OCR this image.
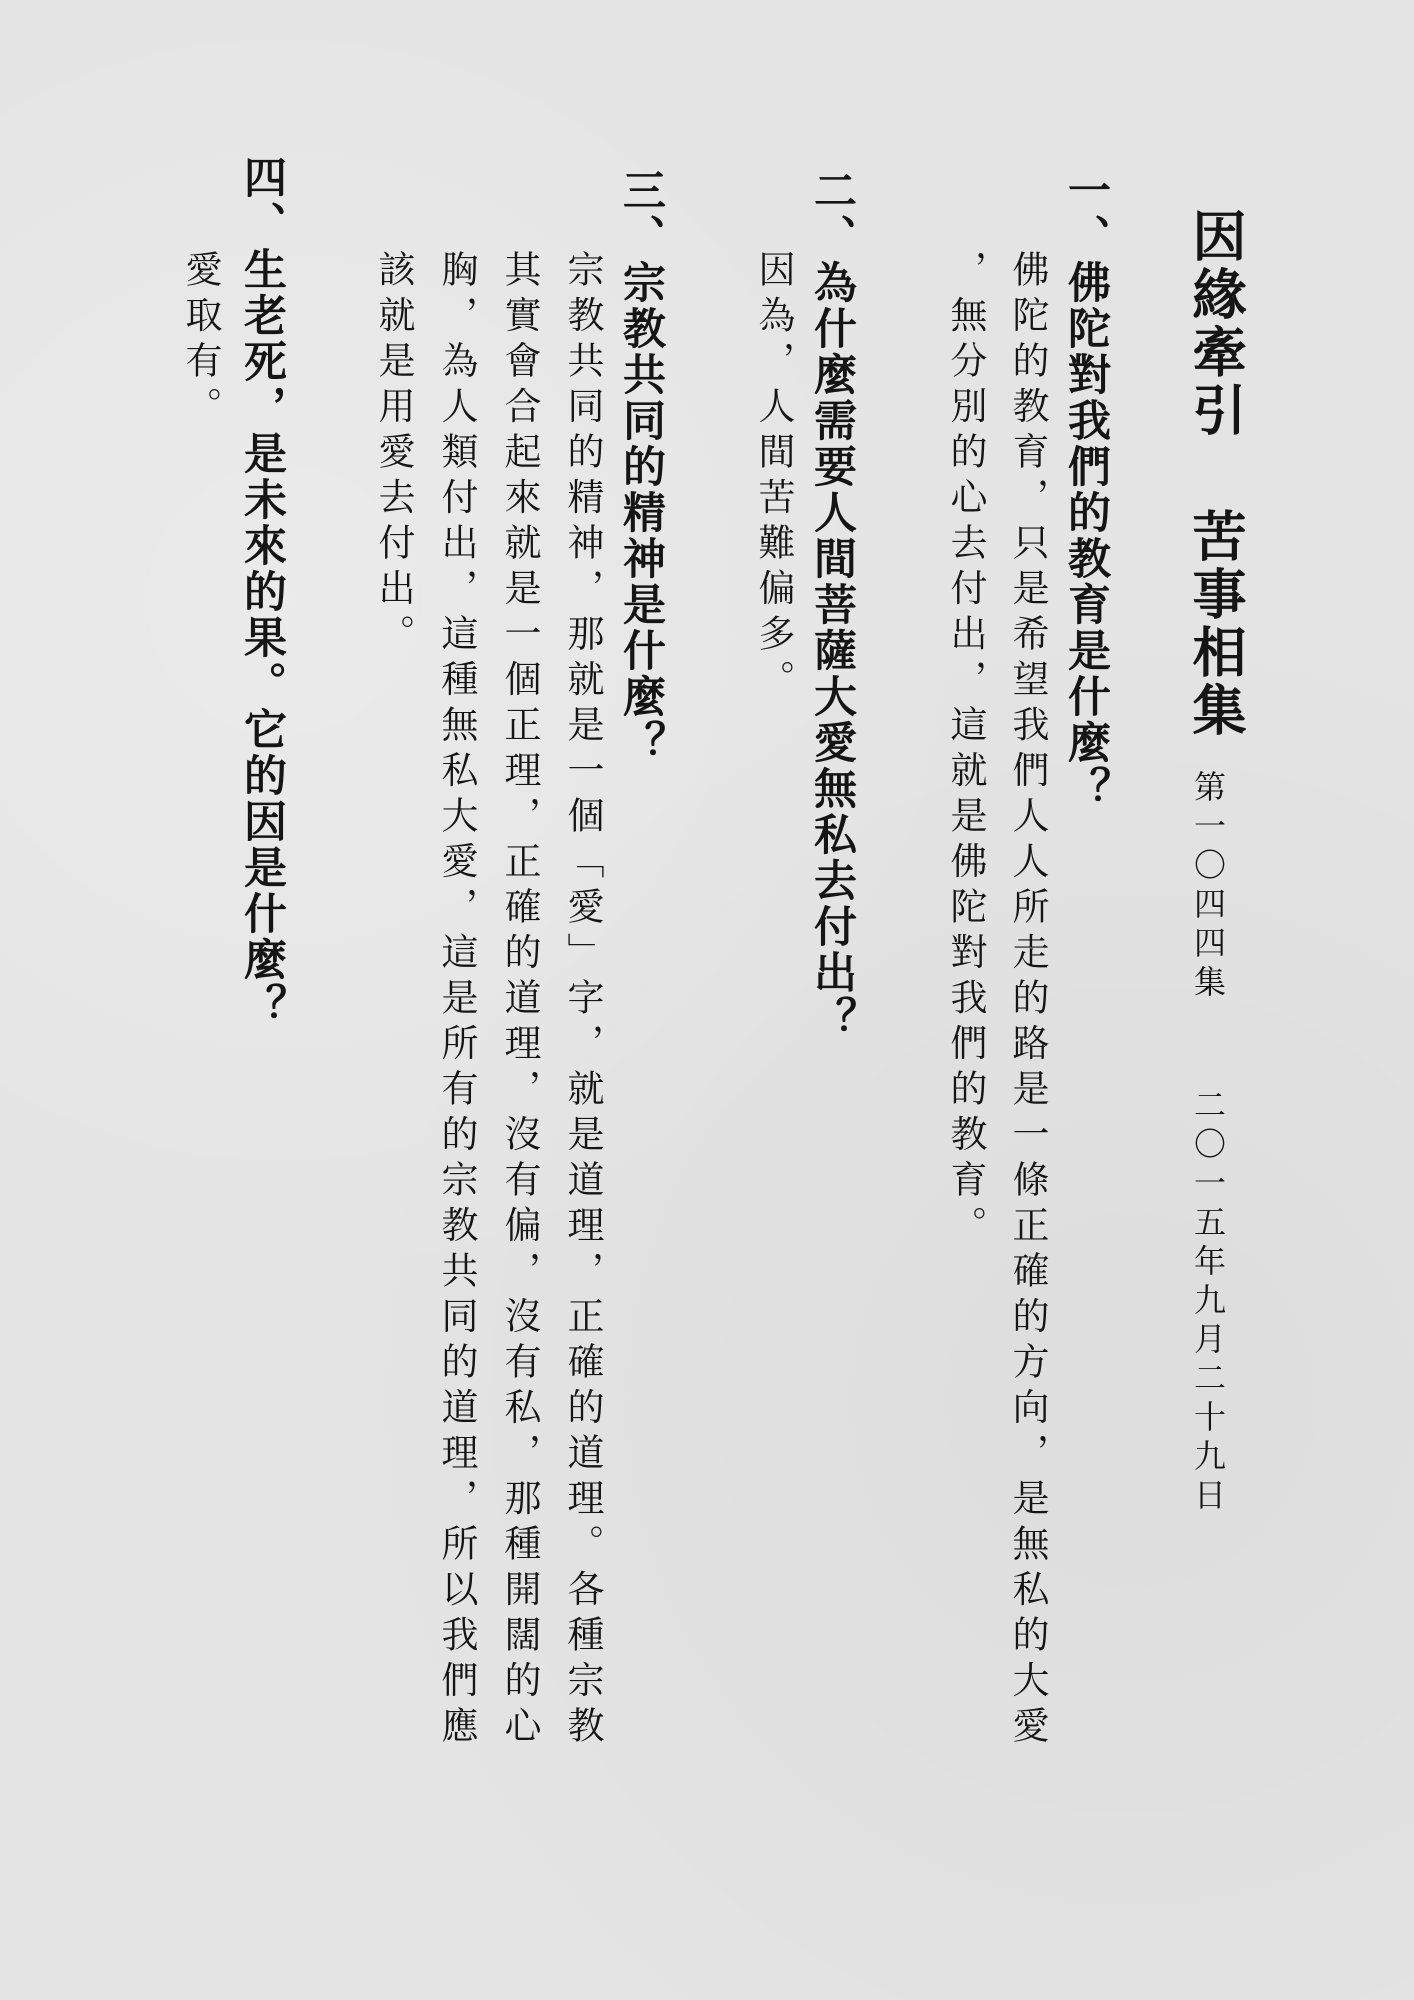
因緣牽引 苦事相集
第一〇四四集二〇一五年九月二十九日
一、佛陀對我們的教育是什麼？
佛陀的教育，只是希望我們人人所走的路是一條正確的方向，是無私的大愛
，無分別的心去付出，這就是佛陀對我們的教育。
二、為什麼需要人間菩薩大愛無私去付出？
因為，人間苦難偏多。
三、宗教共同的精神是什麼？
宗教共同的精神，那就是一個「愛」字，就是道理，正確的道理。各種宗教
其實會合起來就是一個正理，正確的道理，沒有偏，沒有私，那種開闊的心
胸，為人類付出，這種無私大愛，這是所有的宗教共同的道理，所以我們應
該就是用愛去付出。
四、生老死，是未來的果。它的因是什麼？
愛取有。
